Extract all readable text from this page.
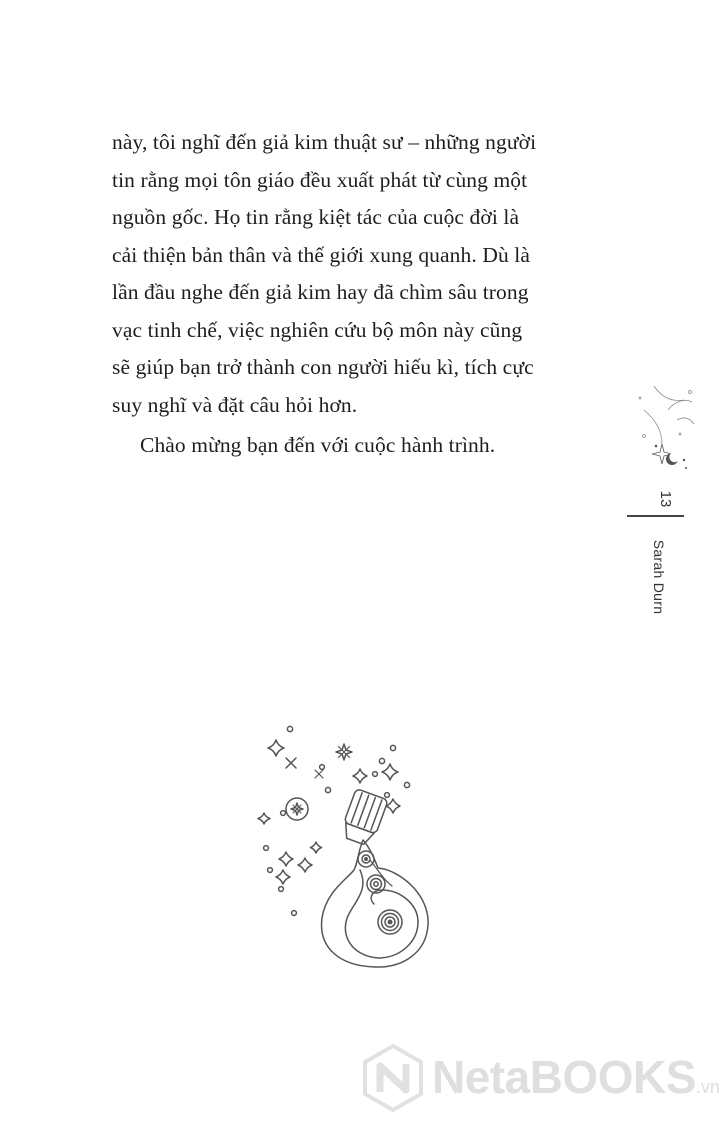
này, tôi nghĩ đến giả kim thuật sư – những người
tin rằng mọi tôn giáo đều xuất phát từ cùng một
nguồn gốc. Họ tin rằng kiệt tác của cuộc đời là
cải thiện bản thân và thế giới xung quanh. Dù là
lần đầu nghe đến giả kim hay đã chìm sâu trong
vạc tinh chế, việc nghiên cứu bộ môn này cũng
sẽ giúp bạn trở thành con người hiếu kì, tích cực
suy nghĩ và đặt câu hỏi hơn.

Chào mừng bạn đến với cuộc hành trình.

13
Sarah Durn
NetaBOOKS.vn
